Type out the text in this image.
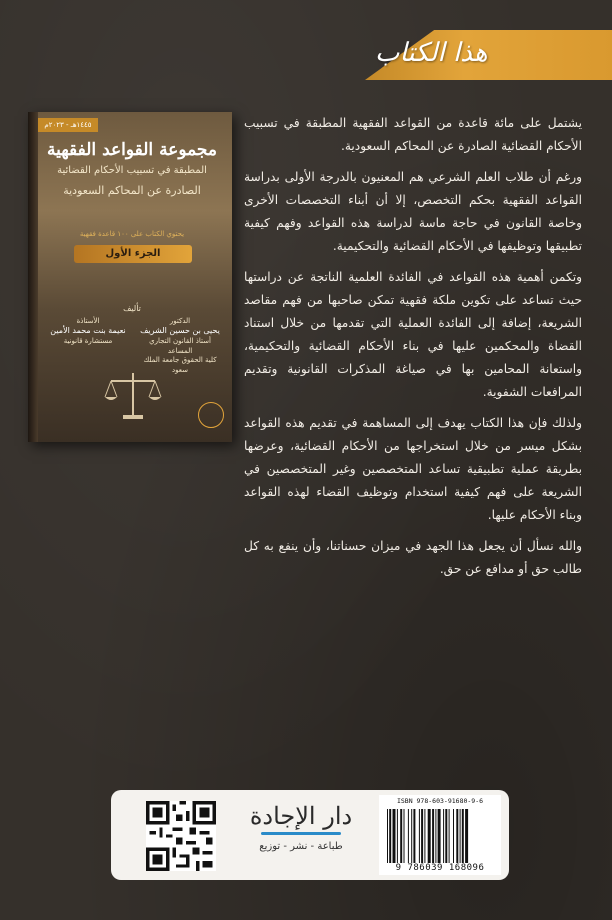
هذا الكتاب
١٤٤٥هـ - ٢٠٢٣م
مجموعة القواعد الفقهية
المطبقة في تسبيب الأحكام القضائية
الصادرة عن المحاكم السعودية
يحتوي الكتاب على ١٠٠ قاعدة فقهية
الجزء الأول
تأليف
الدكتور
يحيى بن حسين الشريف
أستاذ القانون التجاري المساعد
كلية الحقوق جامعة الملك سعود
الأستاذة
نعيمة بنت محمد الأمين
مستشارة قانونية

يشتمل على مائة قاعدة من القواعد الفقهية المطبقة في تسبيب الأحكام القضائية الصادرة عن المحاكم السعودية.

ورغم أن طلاب العلم الشرعي هم المعنيون بالدرجة الأولى بدراسة القواعد الفقهية بحكم التخصص، إلا أن أبناء التخصصات الأخرى وخاصة القانون في حاجة ماسة لدراسة هذه القواعد وفهم كيفية تطبيقها وتوظيفها في الأحكام القضائية والتحكيمية.

وتكمن أهمية هذه القواعد في الفائدة العلمية الناتجة عن دراستها حيث تساعد على تكوين ملكة فقهية تمكن صاحبها من فهم مقاصد الشريعة، إضافة إلى الفائدة العملية التي تقدمها من خلال استناد القضاة والمحكمين عليها في بناء الأحكام القضائية والتحكيمية، واستعانة المحامين بها في صياغة المذكرات القانونية وتقديم المرافعات الشفوية.

ولذلك فإن هذا الكتاب يهدف إلى المساهمة في تقديم هذه القواعد بشكل ميسر من خلال استخراجها من الأحكام القضائية، وعرضها بطريقة عملية تطبيقية تساعد المتخصصين وغير المتخصصين في الشريعة على فهم كيفية استخدام وتوظيف القضاء لهذه القواعد وبناء الأحكام عليها.

والله نسأل أن يجعل هذا الجهد في ميزان حسناتنا، وأن ينفع به كل طالب حق أو مدافع عن حق.

دار الإجادة
طباعة - نشر - توزيع
ISBN 978-603-91680-9-6
9 786039 168096
